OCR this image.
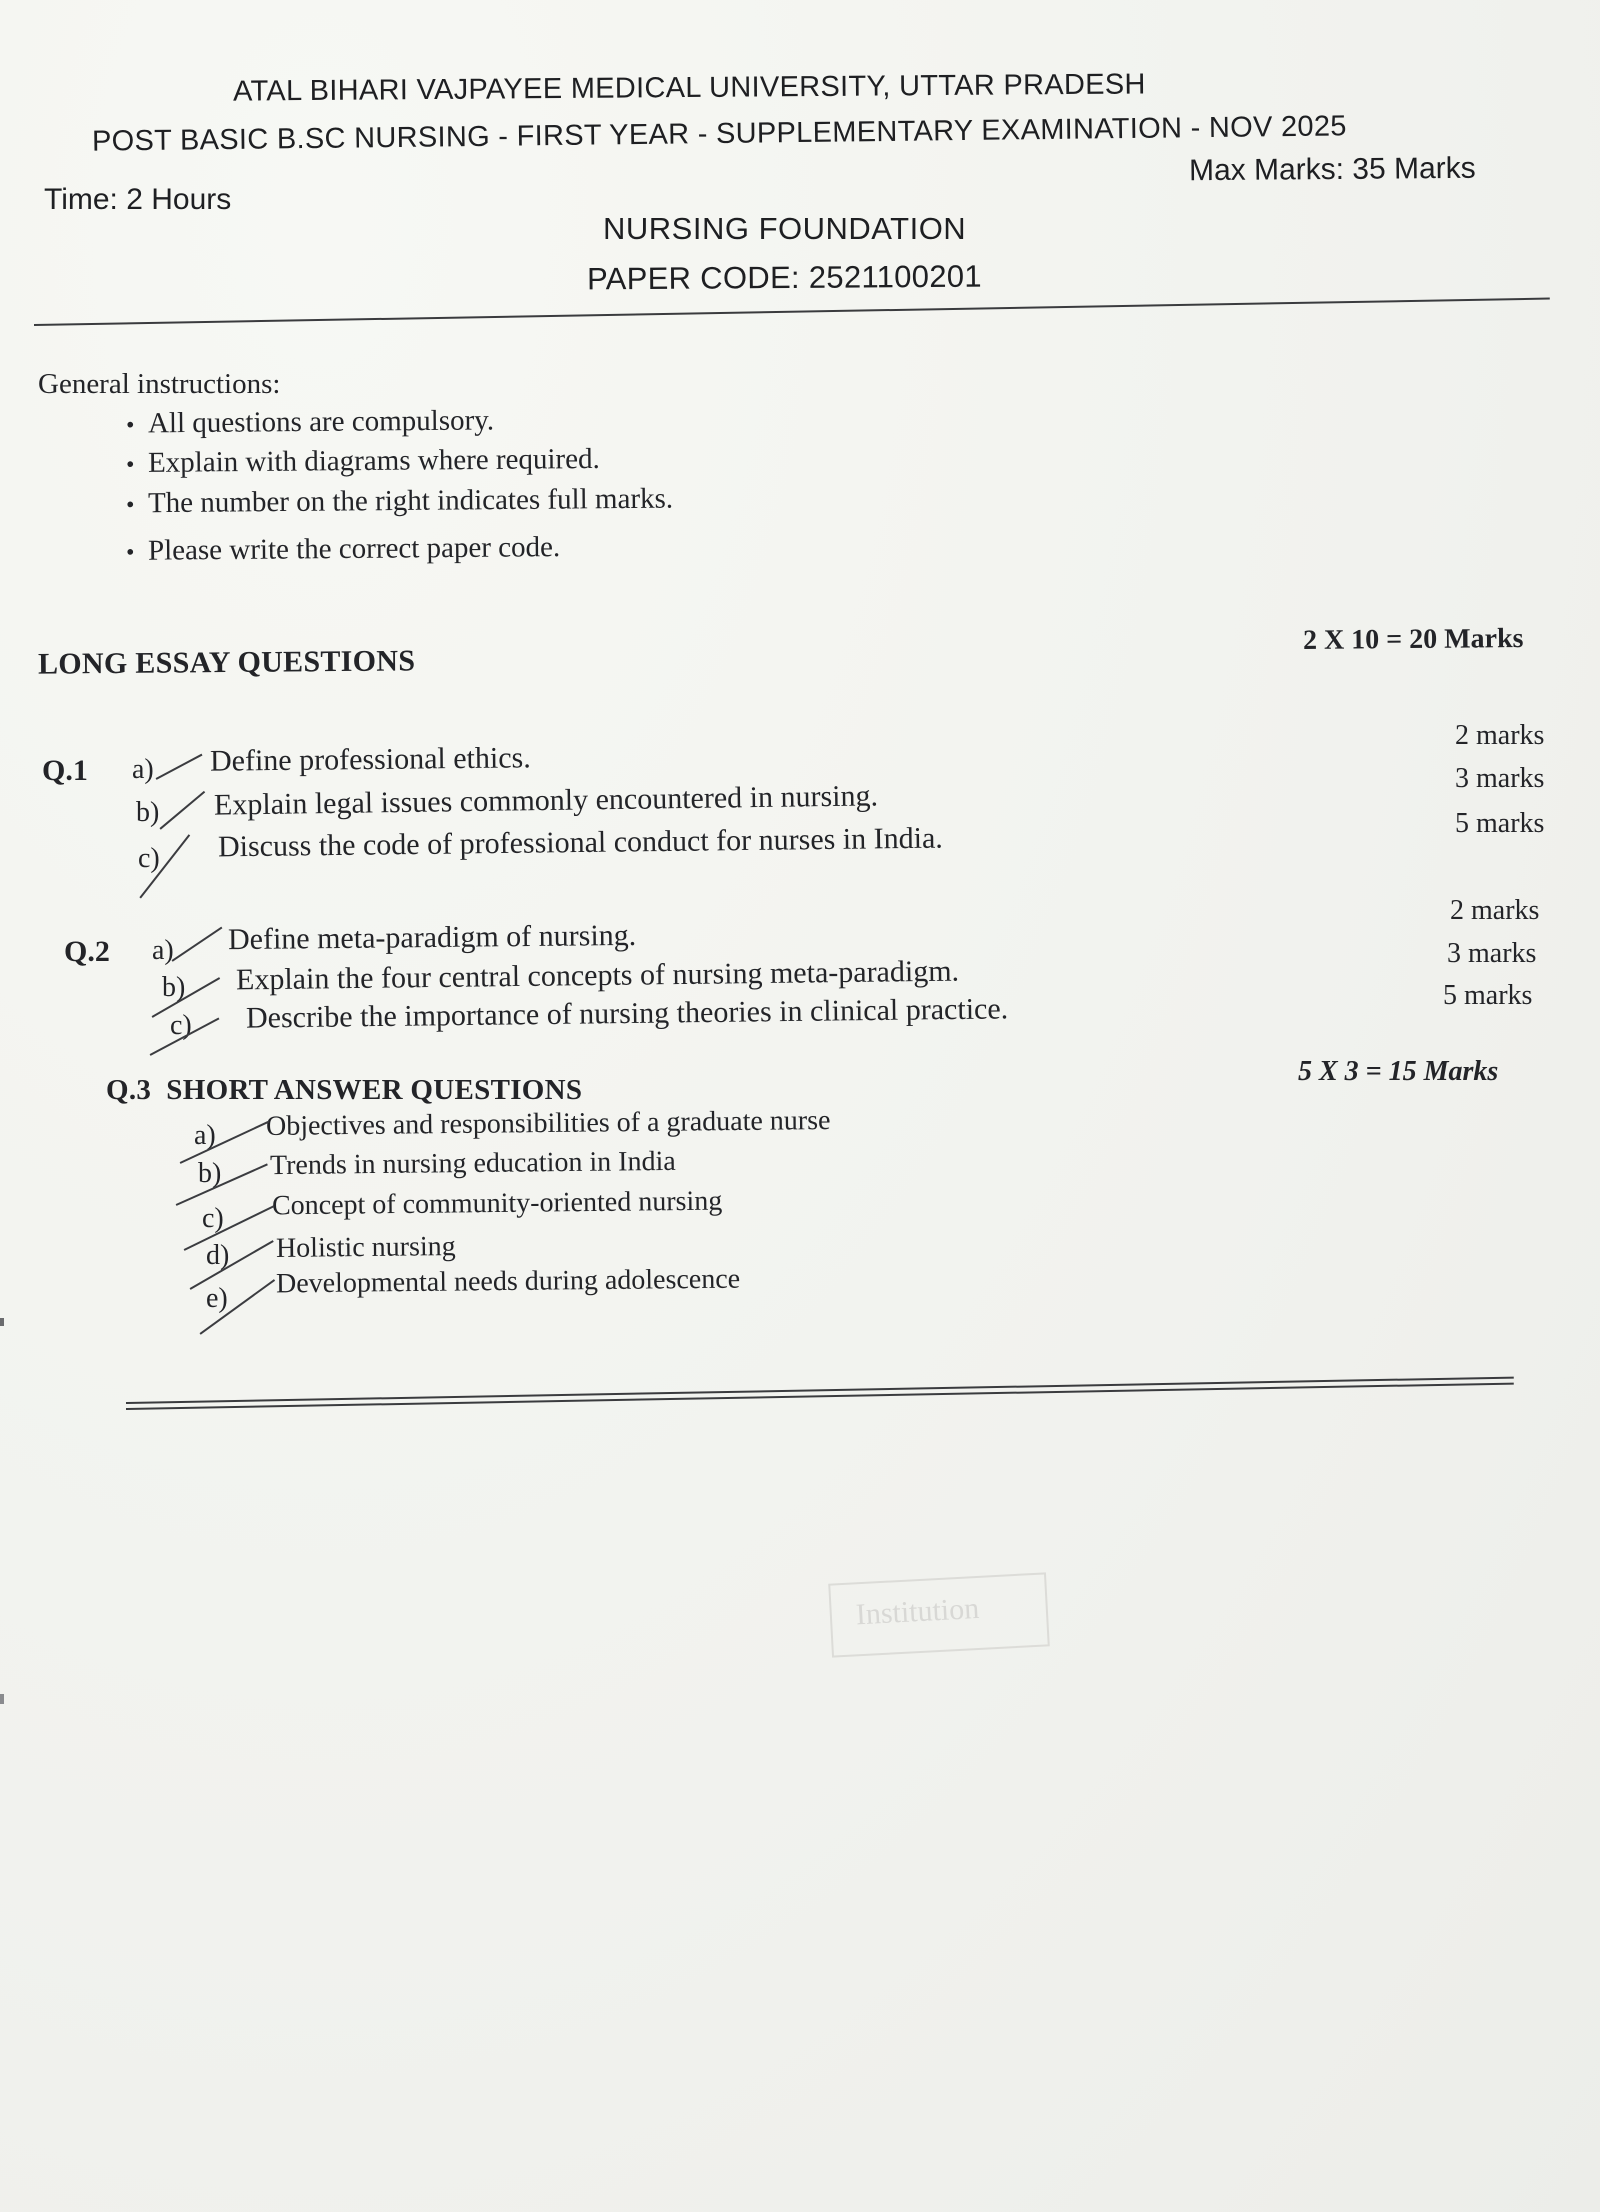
ATAL BIHARI VAJPAYEE MEDICAL UNIVERSITY, UTTAR PRADESH
POST BASIC B.SC NURSING - FIRST YEAR - SUPPLEMENTARY EXAMINATION - NOV 2025
Time: 2 Hours
Max Marks: 35 Marks
NURSING FOUNDATION
PAPER CODE: 2521100201
General instructions:
• All questions are compulsory.
• Explain with diagrams where required.
• The number on the right indicates full marks.
• Please write the correct paper code.
LONG ESSAY QUESTIONS
2 X 10 = 20 Marks
Q.1 a) Define professional ethics.
2 marks
b) Explain legal issues commonly encountered in nursing.
3 marks
c) Discuss the code of professional conduct for nurses in India.	5 marks
Q.2 a) Define meta-paradigm of nursing.
2 marks
b) Explain the four central concepts of nursing meta-paradigm.
3 marks
c) Describe the importance of nursing theories in clinical practice.	5 marks
Q.3  SHORT ANSWER QUESTIONS
5 X 3 = 15 Marks
a) Objectives and responsibilities of a graduate nurse
b) Trends in nursing education in India
c) Concept of community-oriented nursing
d) Holistic nursing
e) Developmental needs during adolescence
Institution
